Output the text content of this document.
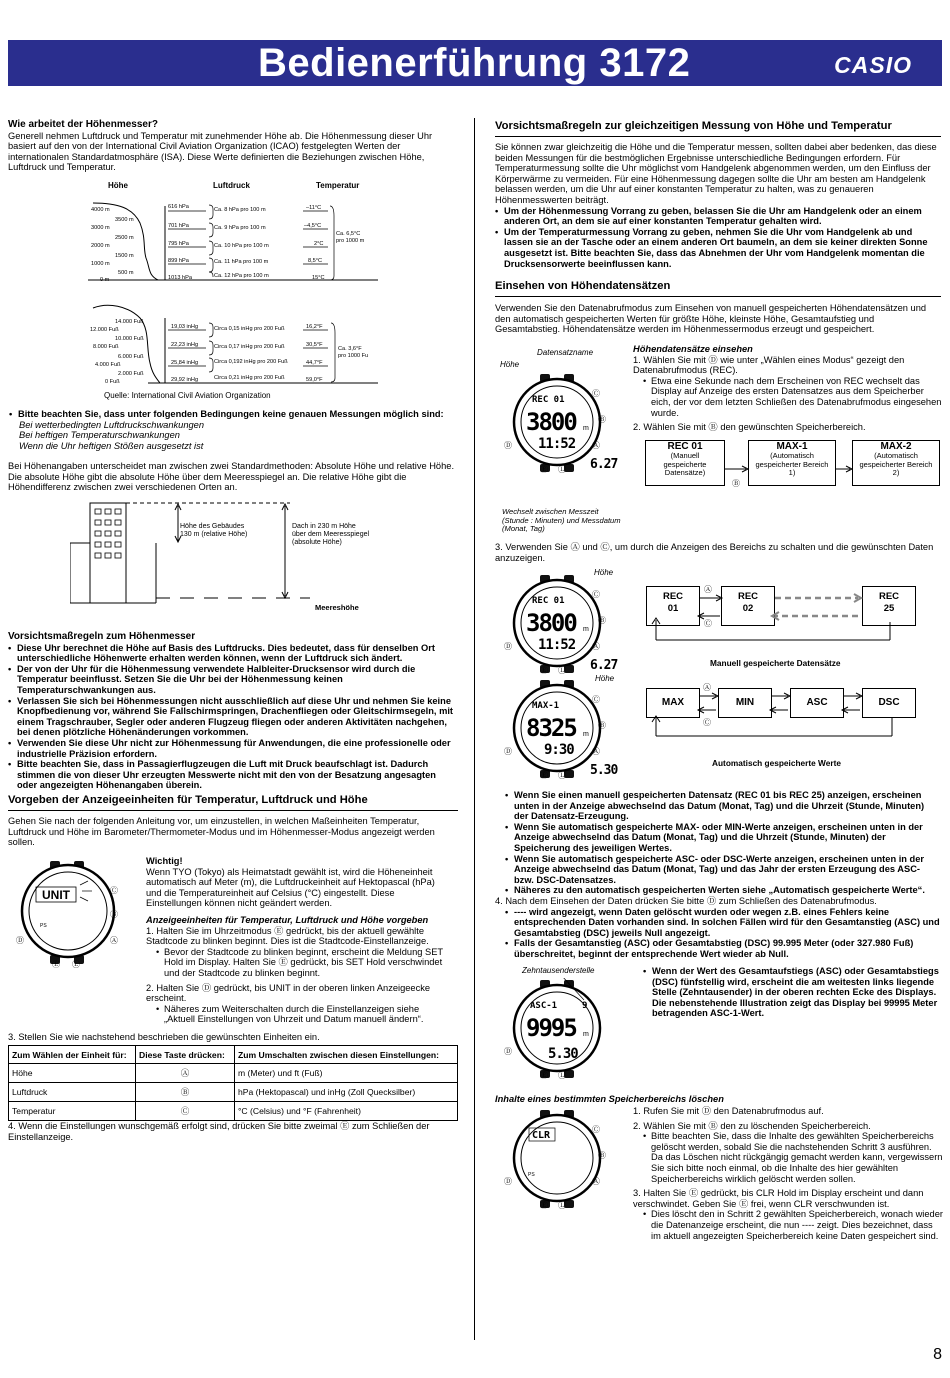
Bedienerführung 3172	CASIO
Wie arbeitet der Höhenmesser?

Generell nehmen Luftdruck und Temperatur mit zunehmender Höhe ab. Die Höhenmessung dieser Uhr basiert auf den von der International Civil Aviation Organization (ICAO) festgelegten Werten der internationalen Standardatmosphäre (ISA). Diese Werte definierten die Beziehungen zwischen Höhe, Luftdruck und Temperatur.

Höhe	Luftdruck	Temperatur
4000 m
3500 m
3000 m
2500 m
2000 m
1500 m
1000 m
500 m
0 m
616 hPa
701 hPa
795 hPa
899 hPa
1013 hPa
Ca. 8 hPa pro 100 m
Ca. 9 hPa pro 100 m
Ca. 10 hPa pro 100 m
Ca. 11 hPa pro 100 m
Ca. 12 hPa pro 100 m
–11°C
–4,5°C
2°C
8,5°C
15°C
Ca. 6,5°C
pro 1000 m
14.000 Fuß
12.000 Fuß
10.000 Fuß
8.000 Fuß
6.000 Fuß
4.000 Fuß
2.000 Fuß
0 Fuß
19,03 inHg
22,23 inHg
25,84 inHg
29,92 inHg
Circa 0,15 inHg pro 200 Fuß
Circa 0,17 inHg pro 200 Fuß
Circa 0,192 inHg pro 200 Fuß
Circa 0,21 inHg pro 200 Fuß
16,2°F
30,5°F
44,7°F
59,0°F
Ca. 3,6°F
pro 1000 Fu
Quelle: International Civil Aviation Organization
• Bitte beachten Sie, dass unter folgenden Bedingungen keine genauen Messungen möglich sind:
Bei wetterbedingten Luftdruckschwankungen
Bei heftigen Temperaturschwankungen
Wenn die Uhr heftigen Stößen ausgesetzt ist

Bei Höhenangaben unterscheidet man zwischen zwei Standardmethoden: Absolute Höhe und relative Höhe. Die absolute Höhe gibt die absolute Höhe über dem Meeresspiegel an. Die relative Höhe gibt die Höhendifferenz zwischen zwei verschiedenen Orten an.

Höhe des Gebäudes
130 m (relative Höhe)
Dach in 230 m Höhe
über dem Meeresspiegel
(absolute Höhe)
Meereshöhe
Vorsichtsmaßregeln zum Höhenmesser
• Diese Uhr berechnet die Höhe auf Basis des Luftdrucks. Dies bedeutet, dass für denselben Ort unterschiedliche Höhenwerte erhalten werden können, wenn der Luftdruck sich ändert.
• Der von der Uhr für die Höhenmessung verwendete Halbleiter-Drucksensor wird durch die Temperatur beeinflusst. Setzen Sie die Uhr bei der Höhenmessung keinen Temperaturschwankungen aus.
• Verlassen Sie sich bei Höhenmessungen nicht ausschließlich auf diese Uhr und nehmen Sie keine Knopfbedienung vor, während Sie Fallschirmspringen, Drachenfliegen oder Gleitschirmsegeln, mit einem Tragschrauber, Segler oder anderen Flugzeug fliegen oder anderen Aktivitäten nachgehen, bei denen plötzliche Höhenänderungen vorkommen.
• Verwenden Sie diese Uhr nicht zur Höhenmessung für Anwendungen, die eine professionelle oder industrielle Präzision erfordern.
• Bitte beachten Sie, dass in Passagierflugzeugen die Luft mit Druck beaufschlagt ist. Dadurch stimmen die von dieser Uhr erzeugten Messwerte nicht mit den von der Besatzung angesagten oder angezeigten Höhenangaben überein.
Vorgeben der Anzeigeeinheiten für Temperatur, Luftdruck und Höhe

Gehen Sie nach der folgenden Anleitung vor, um einzustellen, in welchen Maßeinheiten Temperatur, Luftdruck und Höhe im Barometer/Thermometer-Modus und im Höhenmesser-Modus angezeigt werden sollen.

UNIT
PS
Ⓒ
Ⓑ
Ⓐ
Ⓓ
Ⓔ Ⓛ
Wichtig!
Wenn TYO (Tokyo) als Heimatstadt gewählt ist, wird die Höheneinheit automatisch auf Meter (m), die Luftdruckeinheit auf Hektopascal (hPa) und die Temperatureinheit auf Celsius (°C) eingestellt. Diese Einstellungen können nicht geändert werden.
Anzeigeeinheiten für Temperatur, Luftdruck und Höhe vorgeben
1. Halten Sie im Uhrzeitmodus Ⓔ gedrückt, bis der aktuell gewählte Stadtcode zu blinken beginnt. Dies ist die Stadtcode-Einstellanzeige.
• Bevor der Stadtcode zu blinken beginnt, erscheint die Meldung SET Hold im Display. Halten Sie Ⓔ gedrückt, bis SET Hold verschwindet und der Stadtcode zu blinken beginnt.
2. Halten Sie Ⓓ gedrückt, bis UNIT in der oberen linken Anzeigeecke erscheint.
• Näheres zum Weiterschalten durch die Einstellanzeigen siehe „Aktuell Einstellungen von Uhrzeit und Datum manuell ändern“.
3. Stellen Sie wie nachstehend beschrieben die gewünschten Einheiten ein.
Zum Wählen der Einheit für:	Diese Taste drücken:	Zum Umschalten zwischen diesen Einstellungen:
Höhe	Ⓐ	m (Meter) und ft (Fuß)
Luftdruck	Ⓑ	hPa (Hektopascal) und inHg (Zoll Quecksilber)
Temperatur	Ⓒ	°C (Celsius) und °F (Fahrenheit)
4. Wenn die Einstellungen wunschgemäß erfolgt sind, drücken Sie bitte zweimal Ⓔ zum Schließen der Einstellanzeige.
Vorsichtsmaßregeln zur gleichzeitigen Messung von Höhe und Temperatur

Sie können zwar gleichzeitig die Höhe und die Temperatur messen, sollten dabei aber bedenken, das diese beiden Messungen für die bestmöglichen Ergebnisse unterschiedliche Bedingungen erfordern. Für Temperaturmessung sollte die Uhr möglichst vom Handgelenk abgenommen werden, um den Einfluss der Körperwärme zu vermeiden. Für eine Höhenmessung dagegen sollte die Uhr am besten am Handgelenk belassen werden, um die Uhr auf einer konstanten Temperatur zu halten, was zu genaueren Höhenmesswerten beiträgt.

• Um der Höhenmessung Vorrang zu geben, belassen Sie die Uhr am Handgelenk oder an einem anderen Ort, an dem sie auf einer konstanten Temperatur gehalten wird.
• Um der Temperaturmessung Vorrang zu geben, nehmen Sie die Uhr vom Handgelenk ab und lassen sie an der Tasche oder an einem anderen Ort baumeln, an dem sie keiner direkten Sonne ausgesetzt ist. Bitte beachten Sie, dass das Abnehmen der Uhr vom Handgelenk momentan die Drucksensorwerte beeinflussen kann.
Einsehen von Höhendatensätzen

Verwenden Sie den Datenabrufmodus zum Einsehen von manuell gespeicherten Höhendatensätzen und den automatisch gespeicherten Werten für größte Höhe, kleinste Höhe, Gesamtaufstieg und Gesamtabstieg. Höhendatensätze werden im Höhenmessermodus erzeugt und gespeichert.

Datensatzname
Höhe
Wechselt zwischen Messzeit (Stunde : Minuten) und Messdatum (Monat, Tag)
REC 01
3800 m
11:52
6.27
Ⓒ
Ⓑ
Ⓐ
Ⓓ
Ⓔ Ⓛ
Höhendatensätze einsehen
1. Wählen Sie mit Ⓓ wie unter „Wählen eines Modus“ gezeigt den Datenabrufmodus (REC).
• Etwa eine Sekunde nach dem Erscheinen von REC wechselt das Display auf Anzeige des ersten Datensatzes aus dem Speicherber eich, der vor dem letzten Schließen des Datenabrufmodus eingesehen wurde.
2. Wählen Sie mit Ⓑ den gewünschten Speicherbereich.
REC 01
(Manuell gespeicherte Datensätze)
MAX-1
(Automatisch gespeicherter Bereich 1)
MAX-2
(Automatisch gespeicherter Bereich 2)
Ⓑ
3. Verwenden Sie Ⓐ und Ⓒ, um durch die Anzeigen des Bereichs zu schalten und die gewünschten Daten anzuzeigen.
Höhe
REC 01
3800 m
11:52
6.27
Ⓒ
Ⓑ
Ⓐ
Ⓓ
Ⓔ Ⓛ
REC
01
REC
02
REC
25
Ⓐ
Ⓒ
Manuell gespeicherte Datensätze
Höhe
MAX-1
8325 m
9:30
5.30
Ⓒ
Ⓑ
Ⓐ
Ⓓ
Ⓔ Ⓛ
MAX	MIN	ASC	DSC
Ⓐ
Ⓒ
Automatisch gespeicherte Werte
• Wenn Sie einen manuell gespeicherten Datensatz (REC 01 bis REC 25) anzeigen, erscheinen unten in der Anzeige abwechselnd das Datum (Monat, Tag) und die Uhrzeit (Stunde, Minuten) der Datensatz-Erzeugung.
• Wenn Sie automatisch gespeicherte MAX- oder MIN-Werte anzeigen, erscheinen unten in der Anzeige abwechselnd das Datum (Monat, Tag) und die Uhrzeit (Stunde, Minuten) der Speicherung des jeweiligen Wertes.
• Wenn Sie automatisch gespeicherte ASC- oder DSC-Werte anzeigen, erscheinen unten in der Anzeige abwechselnd das Datum (Monat, Tag) und das Jahr der ersten Erzeugung des ASC- bzw. DSC-Datensatzes.
• Näheres zu den automatisch gespeicherten Werten siehe „Automatisch gespeicherte Werte“.
4. Nach dem Einsehen der Daten drücken Sie bitte Ⓓ zum Schließen des Datenabrufmodus.
• ---- wird angezeigt, wenn Daten gelöscht wurden oder wegen z.B. eines Fehlers keine entsprechenden Daten vorhanden sind. In solchen Fällen wird für den Gesamtanstieg (ASC) und Gesamtabstieg (DSC) jeweils Null angezeigt.
• Falls der Gesamtanstieg (ASC) oder Gesamtabstieg (DSC) 99.995 Meter (oder 327.980 Fuß) überschreitet, beginnt der entsprechende Wert wieder ab Null.
Zehntausenderstelle
ASC-1	9
9995 m
5.30
Ⓓ
Ⓔ Ⓛ
• Wenn der Wert des Gesamtaufstiegs (ASC) oder Gesamtabstiegs (DSC) fünfstellig wird, erscheint die am weitesten links liegende Stelle (Zehntausender) in der oberen rechten Ecke des Displays. Die nebenstehende Illustration zeigt das Display bei 99995 Meter betragenden ASC-1-Wert.
Inhalte eines bestimmten Speicherbereichs löschen
CLR
PS
Ⓒ
Ⓑ
Ⓐ
Ⓓ
Ⓔ Ⓛ
1. Rufen Sie mit Ⓓ den Datenabrufmodus auf.
2. Wählen Sie mit Ⓑ den zu löschenden Speicherbereich.
• Bitte beachten Sie, dass die Inhalte des gewählten Speicherbereichs gelöscht werden, sobald Sie die nachstehenden Schritt 3 ausführen. Da das Löschen nicht rückgängig gemacht werden kann, vergewissern Sie sich bitte noch einmal, ob die Inhalte des hier gewählten Speicherbereichs wirklich gelöscht werden sollen.
3. Halten Sie Ⓔ gedrückt, bis CLR Hold im Display erscheint und dann verschwindet. Geben Sie Ⓔ frei, wenn CLR verschwunden ist.
• Dies löscht den in Schritt 2 gewählten Speicherbereich, wonach wieder die Datenanzeige erscheint, die nun ---- zeigt. Dies bezeichnet, dass im aktuell angezeigten Speicherbereich keine Daten gespeichert sind.
8
